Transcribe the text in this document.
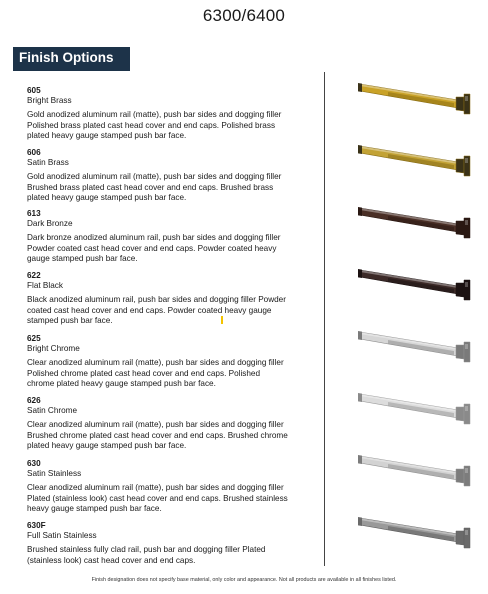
6300/6400
Finish Options
605
Bright Brass
Gold anodized aluminum rail (matte), push bar sides and dogging filler Polished brass plated cast head cover and end caps. Polished brass plated heavy gauge stamped push bar face.
606
Satin Brass
Gold anodized aluminum rail (matte), push bar sides and dogging filler Brushed brass plated cast head cover and end caps. Brushed brass plated heavy gauge stamped push bar face.
613
Dark Bronze
Dark bronze anodized aluminum rail, push bar sides and dogging filler Powder coated cast head cover and end caps. Powder coated heavy gauge stamped push bar face.
622
Flat Black
Black anodized aluminum rail, push bar sides and dogging filler Powder coated cast head cover and end caps. Powder coated heavy gauge stamped push bar face.
625
Bright Chrome
Clear anodized aluminum rail (matte), push bar sides and dogging filler Polished chrome plated cast head cover and end caps. Polished chrome plated heavy gauge stamped push bar face.
626
Satin Chrome
Clear anodized aluminum rail (matte), push bar sides and dogging filler Brushed chrome plated cast head cover and end caps. Brushed chrome plated heavy gauge stamped push bar face.
630
Satin Stainless
Clear anodized aluminum rail (matte), push bar sides and dogging filler Plated (stainless look) cast head cover and end caps. Brushed stainless heavy gauge stamped push bar face.
630F
Full Satin Stainless
Brushed stainless fully clad rail, push bar and dogging filler Plated (stainless look) cast head cover and end caps.
Finish designation does not specify base material, only color and appearance. Not all products are available in all finishes listed.
